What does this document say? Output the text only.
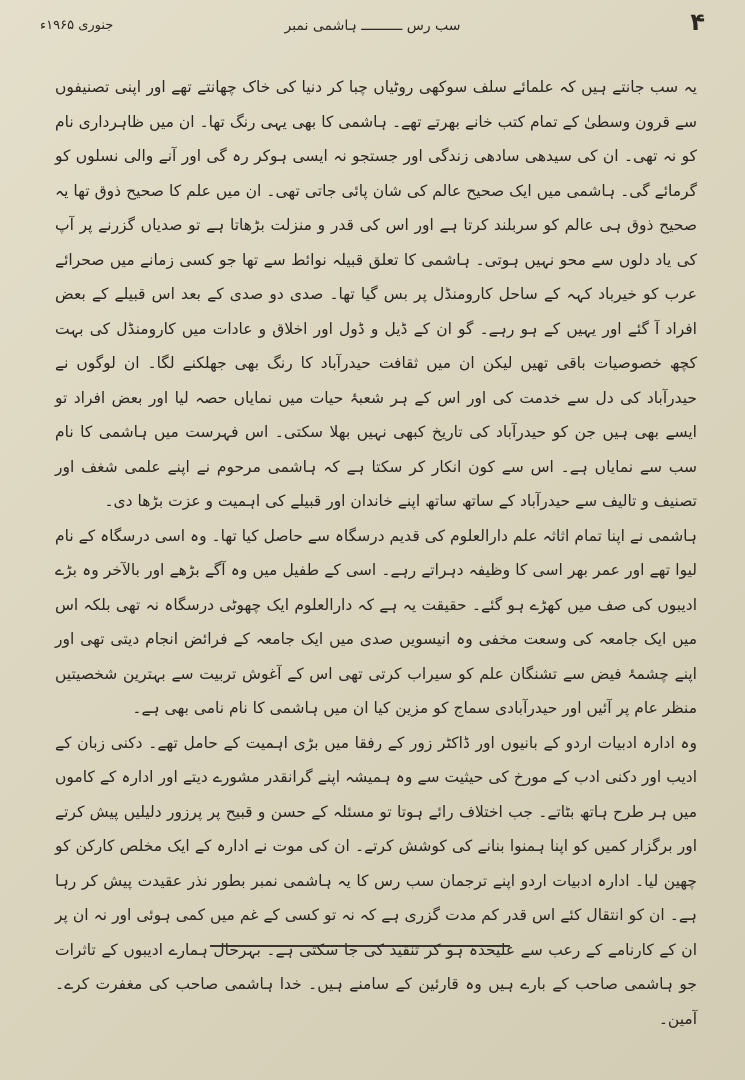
۴
سب رس ــــــــــ ہاشمی نمبر
جنوری ۱۹۶۵ء

یہ سب جانتے ہیں کہ علمائے سلف سوکھی روٹیاں چبا کر دنیا کی خاک چھانتے تھے اور اپنی تصنیفوں سے قرون وسطیٰ کے تمام کتب خانے بھرتے تھے۔ ہاشمی کا بھی یہی رنگ تھا۔ ان میں ظاہرداری نام کو نہ تھی۔ ان کی سیدھی سادھی زندگی اور جستجو نہ ایسی ہوکر رہ گی اور آنے والی نسلوں کو گرمائے گی۔ ہاشمی میں ایک صحیح عالم کی شان پائی جاتی تھی۔ ان میں علم کا صحیح ذوق تھا یہ صحیح ذوق ہی عالم کو سربلند کرتا ہے اور اس کی قدر و منزلت بڑھاتا ہے تو صدیاں گزرنے پر آپ کی یاد دلوں سے محو نہیں ہوتی۔ ہاشمی کا تعلق قبیلہ نوائط سے تھا جو کسی زمانے میں صحرائے عرب کو خیرباد کہہ کے ساحل کارومنڈل پر بس گیا تھا۔ صدی دو صدی کے بعد اس قبیلے کے بعض افراد آ گئے اور یہیں کے ہو رہے۔ گو ان کے ڈیل و ڈول اور اخلاق و عادات میں کارومنڈل کی بہت کچھ خصوصیات باقی تھیں لیکن ان میں ثقافت حیدرآباد کا رنگ بھی جھلکنے لگا۔ ان لوگوں نے حیدرآباد کی دل سے خدمت کی اور اس کے ہر شعبۂ حیات میں نمایاں حصہ لیا اور بعض افراد تو ایسے بھی ہیں جن کو حیدرآباد کی تاریخ کبھی نہیں بھلا سکتی۔ اس فہرست میں ہاشمی کا نام سب سے نمایاں ہے۔ اس سے کون انکار کر سکتا ہے کہ ہاشمی مرحوم نے اپنے علمی شغف اور تصنیف و تالیف سے حیدرآباد کے ساتھ ساتھ اپنے خاندان اور قبیلے کی اہمیت و عزت بڑھا دی۔

ہاشمی نے اپنا تمام اثاثہ علم دارالعلوم کی قدیم درسگاہ سے حاصل کیا تھا۔ وہ اسی درسگاہ کے نام لیوا تھے اور عمر بھر اسی کا وظیفہ دہراتے رہے۔ اسی کے طفیل میں وہ آگے بڑھے اور بالآخر وہ بڑے ادیبوں کی صف میں کھڑے ہو گئے۔ حقیقت یہ ہے کہ دارالعلوم ایک چھوٹی درسگاہ نہ تھی بلکہ اس میں ایک جامعہ کی وسعت مخفی وہ انیسویں صدی میں ایک جامعہ کے فرائض انجام دیتی تھی اور اپنے چشمۂ فیض سے تشنگان علم کو سیراب کرتی تھی اس کے آغوش تربیت سے بہترین شخصیتیں منظر عام پر آئیں اور حیدرآبادی سماج کو مزین کیا ان میں ہاشمی کا نام نامی بھی ہے۔

وہ ادارہ ادبیات اردو کے بانیوں اور ڈاکٹر زور کے رفقا میں بڑی اہمیت کے حامل تھے۔ دکنی زبان کے ادیب اور دکنی ادب کے مورخ کی حیثیت سے وہ ہمیشہ اپنے گرانقدر مشورے دیتے اور ادارہ کے کاموں میں ہر طرح ہاتھ بٹاتے۔ جب اختلاف رائے ہوتا تو مسئلہ کے حسن و قبیح پر پرزور دلیلیں پیش کرتے اور برگزار کمیں کو اپنا ہمنوا بنانے کی کوشش کرتے۔ ان کی موت نے ادارہ کے ایک مخلص کارکن کو چھین لیا۔ ادارہ ادبیات اردو اپنے ترجمان سب رس کا یہ ہاشمی نمبر بطور نذر عقیدت پیش کر رہا ہے۔ ان کو انتقال کئے اس قدر کم مدت گزری ہے کہ نہ تو کسی کے غم میں کمی ہوئی اور نہ ان پر ان کے کارنامے کے رعب سے علیحدہ ہو کر تنقید کی جا سکتی ہے۔ بہرحال ہمارے ادیبوں کے تاثرات جو ہاشمی صاحب کے بارے ہیں وہ قارئین کے سامنے ہیں۔ خدا ہاشمی صاحب کی مغفرت کرے۔ آمین۔
